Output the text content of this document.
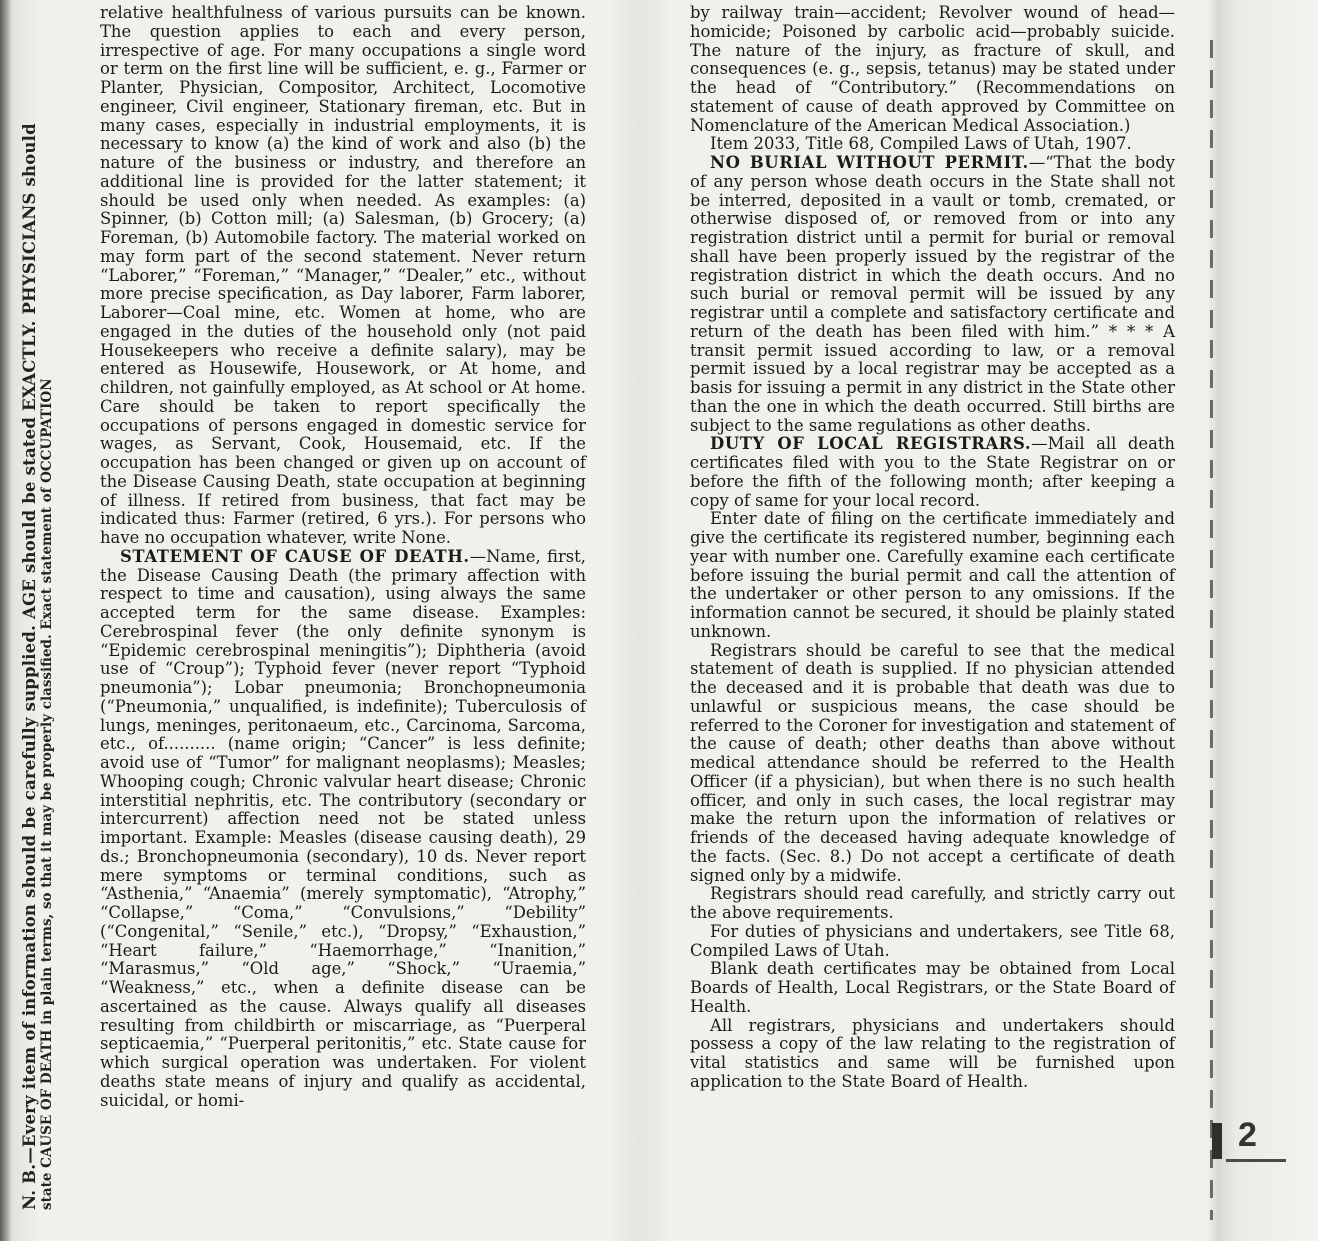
N. B.—Every item of information should be carefully supplied. AGE should be stated EXACTLY. PHYSICIANS should state CAUSE OF DEATH in plain terms, so that it may be properly classified. Exact statement of OCCUPATION

relative healthfulness of various pursuits can be known. The question applies to each and every person, irrespective of age. For many occupations a single word or term on the first line will be sufficient, e. g., Farmer or Planter, Physician, Compositor, Architect, Locomotive engineer, Civil engineer, Stationary fireman, etc. But in many cases, especially in industrial employments, it is necessary to know (a) the kind of work and also (b) the nature of the business or industry, and therefore an additional line is provided for the latter statement; it should be used only when needed. As examples: (a) Spinner, (b) Cotton mill; (a) Salesman, (b) Grocery; (a) Foreman, (b) Automobile factory. The material worked on may form part of the second statement. Never return “Laborer,” “Foreman,” “Manager,” “Dealer,” etc., without more precise specification, as Day laborer, Farm laborer, Laborer—Coal mine, etc. Women at home, who are engaged in the duties of the household only (not paid Housekeepers who receive a definite salary), may be entered as Housewife, Housework, or At home, and children, not gainfully employed, as At school or At home. Care should be taken to report specifically the occupations of persons engaged in domestic service for wages, as Servant, Cook, Housemaid, etc. If the occupation has been changed or given up on account of the Disease Causing Death, state occupation at beginning of illness. If retired from business, that fact may be indicated thus: Farmer (retired, 6 yrs.). For persons who have no occupation whatever, write None.

STATEMENT OF CAUSE OF DEATH.—Name, first, the Disease Causing Death (the primary affection with respect to time and causation), using always the same accepted term for the same disease. Examples: Cerebrospinal fever (the only definite synonym is “Epidemic cerebrospinal meningitis”); Diphtheria (avoid use of “Croup”); Typhoid fever (never report “Typhoid pneumonia”); Lobar pneumonia; Bronchopneumonia (“Pneumonia,” unqualified, is indefinite); Tuberculosis of lungs, meninges, peritonaeum, etc., Carcinoma, Sarcoma, etc., of.......... (name origin; “Cancer” is less definite; avoid use of “Tumor” for malignant neoplasms); Measles; Whooping cough; Chronic valvular heart disease; Chronic interstitial nephritis, etc. The contributory (secondary or intercurrent) affection need not be stated unless important. Example: Measles (disease causing death), 29 ds.; Bronchopneumonia (secondary), 10 ds. Never report mere symptoms or terminal conditions, such as “Asthenia,” “Anaemia” (merely symptomatic), “Atrophy,” “Collapse,” “Coma,” “Convulsions,” “Debility” (“Congenital,” “Senile,” etc.), “Dropsy,” “Exhaustion,” “Heart failure,” “Haemorrhage,” “Inanition,” “Marasmus,” “Old age,” “Shock,” “Uraemia,” “Weakness,” etc., when a definite disease can be ascertained as the cause. Always qualify all diseases resulting from childbirth or miscarriage, as “Puerperal septicaemia,” “Puerperal peritonitis,” etc. State cause for which surgical operation was undertaken. For violent deaths state means of injury and qualify as accidental, suicidal, or homi-

by railway train—accident; Revolver wound of head—homicide; Poisoned by carbolic acid—probably suicide. The nature of the injury, as fracture of skull, and consequences (e. g., sepsis, tetanus) may be stated under the head of “Contributory.” (Recommendations on statement of cause of death approved by Committee on Nomenclature of the American Medical Association.)

Item 2033, Title 68, Compiled Laws of Utah, 1907.

NO BURIAL WITHOUT PERMIT.—“That the body of any person whose death occurs in the State shall not be interred, deposited in a vault or tomb, cremated, or otherwise disposed of, or removed from or into any registration district until a permit for burial or removal shall have been properly issued by the registrar of the registration district in which the death occurs. And no such burial or removal permit will be issued by any registrar until a complete and satisfactory certificate and return of the death has been filed with him.” * * * A transit permit issued according to law, or a removal permit issued by a local registrar may be accepted as a basis for issuing a permit in any district in the State other than the one in which the death occurred. Still births are subject to the same regulations as other deaths.

DUTY OF LOCAL REGISTRARS.—Mail all death certificates filed with you to the State Registrar on or before the fifth of the following month; after keeping a copy of same for your local record.

Enter date of filing on the certificate immediately and give the certificate its registered number, beginning each year with number one. Carefully examine each certificate before issuing the burial permit and call the attention of the undertaker or other person to any omissions. If the information cannot be secured, it should be plainly stated unknown.

Registrars should be careful to see that the medical statement of death is supplied. If no physician attended the deceased and it is probable that death was due to unlawful or suspicious means, the case should be referred to the Coroner for investigation and statement of the cause of death; other deaths than above without medical attendance should be referred to the Health Officer (if a physician), but when there is no such health officer, and only in such cases, the local registrar may make the return upon the information of relatives or friends of the deceased having adequate knowledge of the facts. (Sec. 8.) Do not accept a certificate of death signed only by a midwife.

Registrars should read carefully, and strictly carry out the above requirements.

For duties of physicians and undertakers, see Title 68, Compiled Laws of Utah.

Blank death certificates may be obtained from Local Boards of Health, Local Registrars, or the State Board of Health.

All registrars, physicians and undertakers should possess a copy of the law relating to the registration of vital statistics and same will be furnished upon application to the State Board of Health.

2
